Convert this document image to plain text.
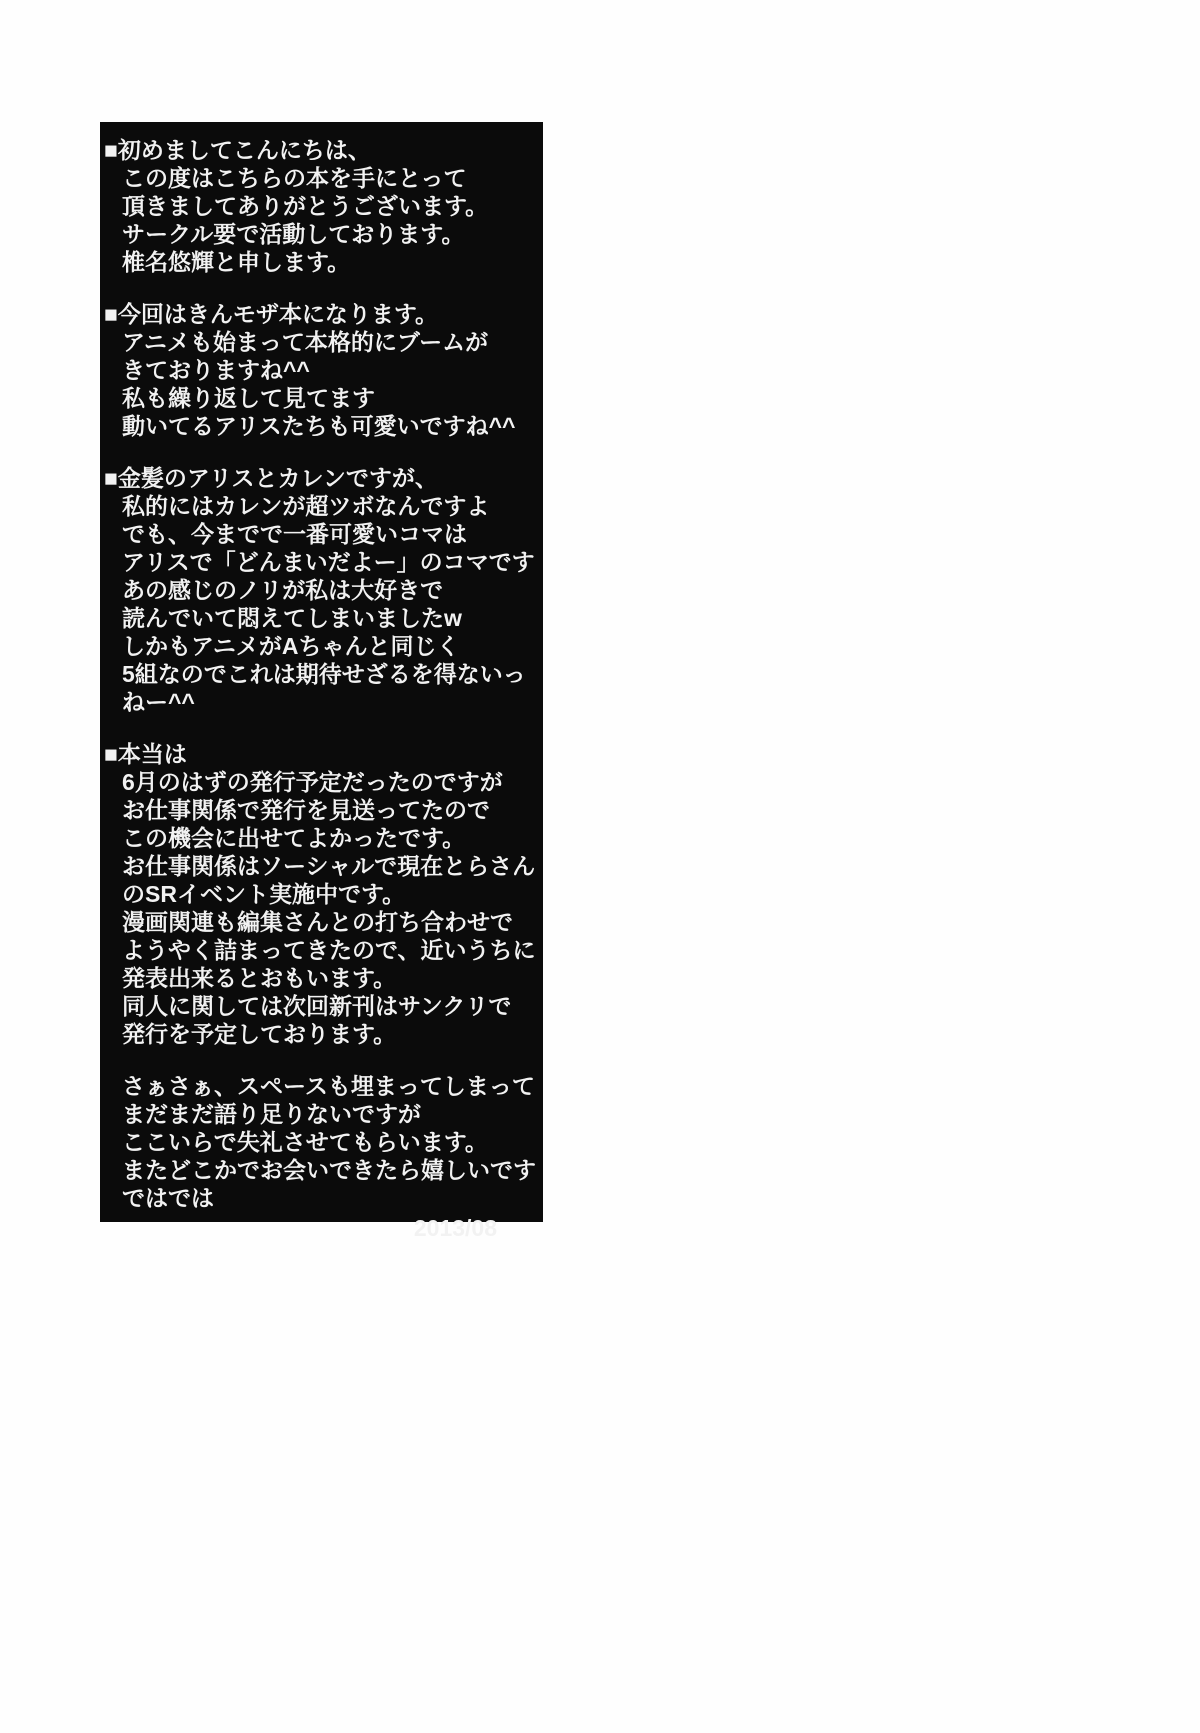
■初めましてこんにちは、
この度はこちらの本を手にとって
頂きましてありがとうございます。
サークル要で活動しております。
椎名悠輝と申します。
■今回はきんモザ本になります。
アニメも始まって本格的にブームが
きておりますね^^
私も繰り返して見てます
動いてるアリスたちも可愛いですね^^
■金髪のアリスとカレンですが、
私的にはカレンが超ツボなんですよ
でも、今までで一番可愛いコマは
アリスで「どんまいだよー」のコマです
あの感じのノリが私は大好きで
読んでいて悶えてしまいましたw
しかもアニメがAちゃんと同じく
5組なのでこれは期待せざるを得ないっ
ねー^^
■本当は
6月のはずの発行予定だったのですが
お仕事関係で発行を見送ってたので
この機会に出せてよかったです。
お仕事関係はソーシャルで現在とらさん
のSRイベント実施中です。
漫画関連も編集さんとの打ち合わせで
ようやく詰まってきたので、近いうちに
発表出来るとおもいます。
同人に関しては次回新刊はサンクリで
発行を予定しております。
さぁさぁ、スペースも埋まってしまって
まだまだ語り足りないですが
ここいらで失礼させてもらいます。
またどこかでお会いできたら嬉しいです
ではでは
2013/08
